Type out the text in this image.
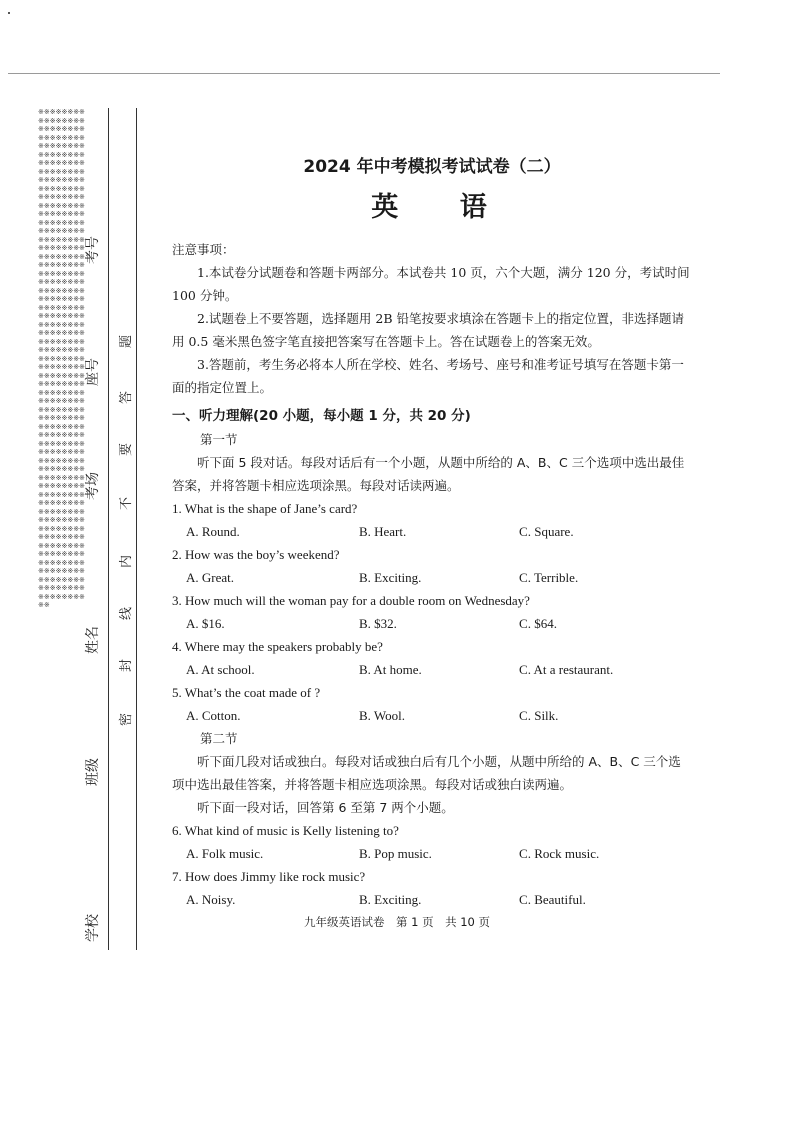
※※※※※※※※※※※※※※※※※※※※※※※※※※※※※※※※※※※※※※※※※※※※※※※※※※※※※※※※※※※※※※※※※※※※※※※※※※※※※※※※※※※※※※※※※※※※※※※※※※※※※※※※※※※※※※※※※※※※※※※※※※※※※※※※※※※※※※※※※※※※※※※※※※※※※※※※※※※※※※※※※※※※※※※※※※※※※※※※※※※※※※※※※※※※※※※※※※※※※※※※※※※※※※※※※※※※※※※※※※※※※※※※※※※※※※※※※※※※※※※※※※※※※※※※※※※※※※※※※※※※※※※※※※※※※※※※※※※※※※※※※※※※※※※※※※※※※※※※※※※※※※※※※※※※※※※※※※※※※※※※※※※※※※※※※※※※※※※※※※※※※※※※※※※※※※※※※※※※※※※※※※※※※※※※※※※※※※※※※※※※※※※※※※※※※※※※※※※※※※※※※※※※※※※※※※※※※※※※※※※※※※※※※※※※※※※※※※※※※※※※※※※※※※※※※※※※※※※※※※※※※※※※※※
考号
座号
考场
姓名
班级
学校
题
答
要
不
内
线
封
密
2024 年中考模拟考试试卷（二）
英 语

注意事项：

1.本试卷分试题卷和答题卡两部分。本试卷共 10 页，六个大题，满分 120 分，考试时间 100 分钟。

2.试题卷上不要答题，选择题用 2B 铅笔按要求填涂在答题卡上的指定位置，非选择题请用 0.5 毫米黑色签字笔直接把答案写在答题卡上。答在试题卷上的答案无效。

3.答题前，考生务必将本人所在学校、姓名、考场号、座号和准考证号填写在答题卡第一面的指定位置上。

一、听力理解(20 小题，每小题 1 分，共 20 分)

第一节

听下面 5 段对话。每段对话后有一个小题，从题中所给的 A、B、C 三个选项中选出最佳答案，并将答题卡相应选项涂黑。每段对话读两遍。

1. What is the shape of Jane’s card?

A. Round.	B. Heart.	C. Square.

2. How was the boy’s weekend?

A. Great.	B. Exciting.	C. Terrible.

3. How much will the woman pay for a double room on Wednesday?

A. $16.	B. $32.	C. $64.

4. Where may the speakers probably be?

A. At school.	B. At home.	C. At a restaurant.

5. What’s the coat made of ?

A. Cotton.	B. Wool.	C. Silk.

第二节

听下面几段对话或独白。每段对话或独白后有几个小题，从题中所给的 A、B、C 三个选项中选出最佳答案，并将答题卡相应选项涂黑。每段对话或独白读两遍。

听下面一段对话，回答第 6 至第 7 两个小题。

6. What kind of music is Kelly listening to?

A. Folk music.	B. Pop music.	C. Rock music.

7. How does Jimmy like rock music?

A. Noisy.	B. Exciting.	C. Beautiful.
九年级英语试卷　第 1 页　共 10 页
